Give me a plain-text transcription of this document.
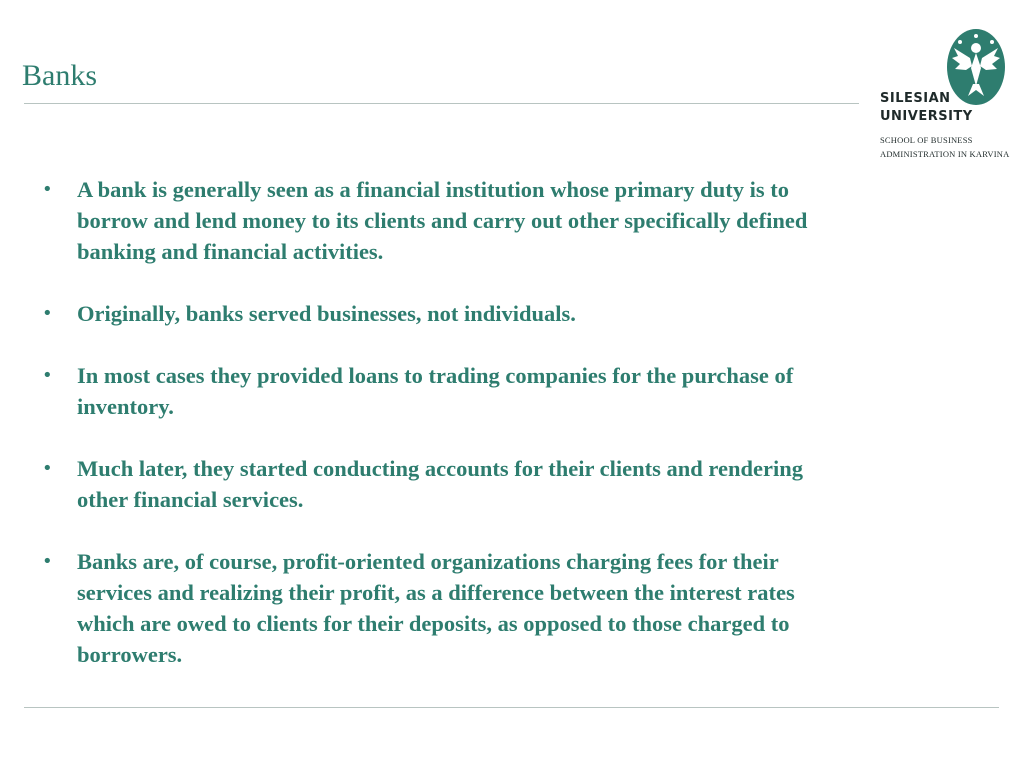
Banks
SILESIAN
UNIVERSITY
SCHOOL OF BUSINESS
ADMINISTRATION IN KARVINA
• A bank is generally seen as a financial institution whose primary duty is to borrow and lend money to its clients and carry out other specifically defined banking and financial activities.
• Originally, banks served businesses, not individuals.
• In most cases they provided loans to trading companies for the purchase of inventory.
• Much later, they started conducting accounts for their clients and rendering other financial services.
• Banks are, of course, profit-oriented organizations charging fees for their services and realizing their profit, as a difference between the interest rates which are owed to clients for their deposits, as opposed to those charged to borrowers.
